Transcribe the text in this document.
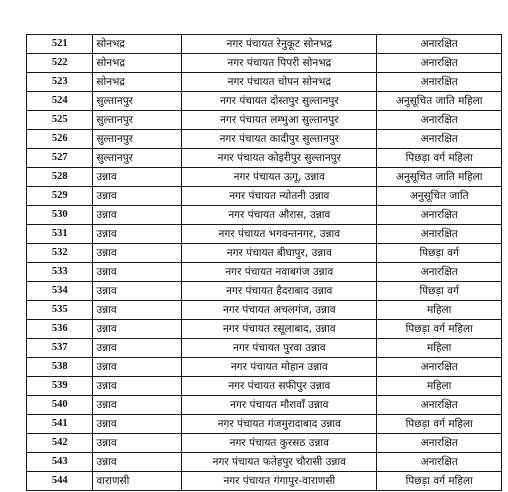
521	सोनभद्र	नगर पंचायत रेनुकूट सोनभद्र	अनारक्षित
522	सोनभद्र	नगर पंचायत पिपरी सोनभद्र	अनारक्षित
523	सोनभद्र	नगर पंचायत चोपन सोनभद्र	अनारक्षित
524	सुल्तानपुर	नगर पंचायत दोस्तपुर सुल्तानपुर	अनुसूचित जाति महिला
525	सुल्तानपुर	नगर पंचायत लम्भुआ सुल्तानपुर	अनारक्षित
526	सुल्तानपुर	नगर पंचायत कादीपुर सुल्तानपुर	अनारक्षित
527	सुल्तानपुर	नगर पंचायत कोइरीपुर सुल्तानपुर	पिछड़ा वर्ग महिला
528	उन्नाव	नगर पंचायत ऊगू, उन्नाव	अनुसूचित जाति महिला
529	उन्नाव	नगर पंचायत न्योतनी उन्नाव	अनुसूचित जाति
530	उन्नाव	नगर पंचायत औरास, उन्नाव	अनारक्षित
531	उन्नाव	नगर पंचायत भगवन्तनगर, उन्नाव	अनारक्षित
532	उन्नाव	नगर पंचायत बीघापुर, उन्नाव	पिछड़ा वर्ग
533	उन्नाव	नगर पंचायत नवाबगंज उन्नाव	अनारक्षित
534	उन्नाव	नगर पंचायत हैदराबाद उन्नाव	पिछड़ा वर्ग
535	उन्नाव	नगर पंचायत अचलगंज, उन्नाव	महिला
536	उन्नाव	नगर पंचायत रसूलाबाद, उन्नाव	पिछड़ा वर्ग महिला
537	उन्नाव	नगर पंचायत पुरवा उन्नाव	महिला
538	उन्नाव	नगर पंचायत मोहान उन्नाव	अनारक्षित
539	उन्नाव	नगर पंचायत सफीपुर उन्नाव	महिला
540	उन्नाव	नगर पंचायत मौरावाँ उन्नाव	अनारक्षित
541	उन्नाव	नगर पंचायत गंजमुरादाबाद उन्नाव	पिछड़ा वर्ग महिला
542	उन्नाव	नगर पंचायत कुरसठ उन्नाव	अनारक्षित
543	उन्नाव	नगर पंचायत फतेहपुर चौरासी उन्नाव	अनारक्षित
544	वाराणसी	नगर पंचायत गंगापुर-वाराणसी	पिछड़ा वर्ग महिला
